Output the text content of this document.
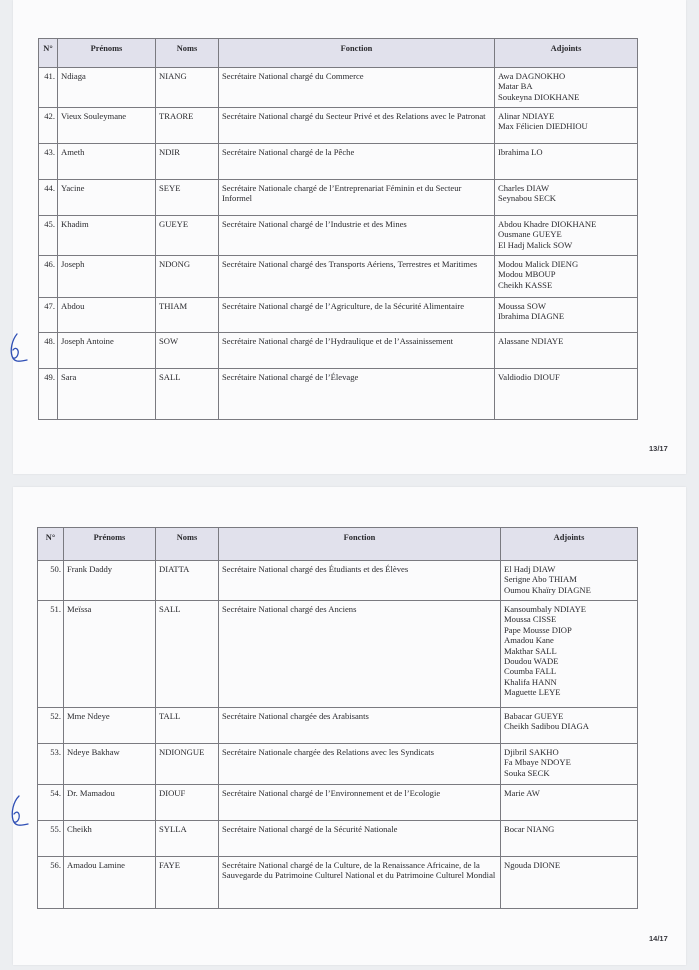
N°	Prénoms	Noms	Fonction	Adjoints
41.	Ndiaga	NIANG	Secrétaire National chargé du Commerce	Awa DAGNOKHO
Matar BA
Soukeyna DIOKHANE

42.	Vieux Souleymane	TRAORE	Secrétaire National chargé du Secteur Privé et des Relations avec le Patronat	Alinar NDIAYE
Max Félicien DIEDHIOU

43.	Ameth	NDIR	Secrétaire National chargé de la Pêche	Ibrahima LO

44.	Yacine	SEYE	Secrétaire Nationale chargé de l’Entreprenariat Féminin et du Secteur Informel	Charles DIAW
Seynabou SECK

45.	Khadim	GUEYE	Secrétaire National chargé de l’Industrie et des Mines	Abdou Khadre DIOKHANE
Ousmane GUEYE
El Hadj Malick SOW

46.	Joseph	NDONG	Secrétaire National chargé des Transports Aériens, Terrestres et Maritimes	Modou Malick DIENG
Modou MBOUP
Cheikh KASSE

47.	Abdou	THIAM	Secrétaire National chargé de l’Agriculture, de la Sécurité Alimentaire	Moussa SOW
Ibrahima DIAGNE

48.	Joseph Antoine	SOW	Secrétaire National chargé de l’Hydraulique et de l’Assainissement	Alassane NDIAYE

49.	Sara	SALL	Secrétaire National chargé de l’Élevage	Valdiodio DIOUF
13/17
N°	Prénoms	Noms	Fonction	Adjoints
50.	Frank Daddy	DIATTA	Secrétaire National chargé des Étudiants et des Élèves	El Hadj DIAW
Serigne Abo THIAM
Oumou Khaïry DIAGNE

51.	Meïssa	SALL	Secrétaire National chargé des Anciens	Kansoumbaly NDIAYE
Moussa CISSE
Pape Mousse DIOP
Amadou Kane
Makthar SALL
Doudou WADE
Coumba FALL
Khalifa HANN
Maguette LEYE

52.	Mme Ndeye	TALL	Secrétaire National chargée des Arabisants	Babacar GUEYE
Cheikh Sadibou DIAGA

53.	Ndeye Bakhaw	NDIONGUE	Secrétaire Nationale chargée des Relations avec les Syndicats	Djibril SAKHO
Fa Mbaye NDOYE
Souka SECK

54.	Dr. Mamadou	DIOUF	Secrétaire National chargé de l’Environnement et de l’Ecologie	Marie AW

55.	Cheikh	SYLLA	Secrétaire National chargé de la Sécurité Nationale	Bocar NIANG

56.	Amadou Lamine	FAYE	Secrétaire National chargé de la Culture, de la Renaissance Africaine, de la Sauvegarde du Patrimoine Culturel National et du Patrimoine Culturel Mondial	Ngouda DIONE
14/17
